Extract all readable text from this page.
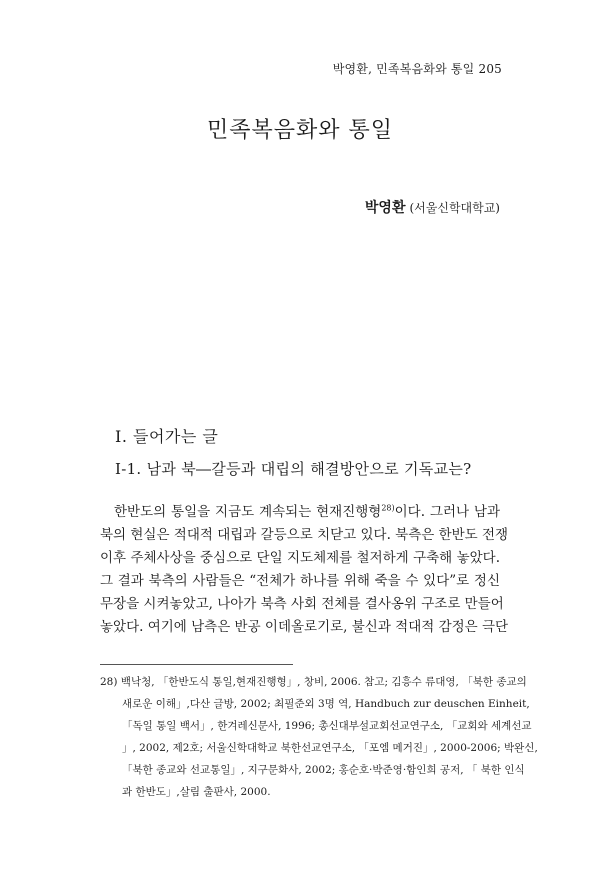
박영환, 민족복음화와 통일 205
민족복음화와 통일
박영환 (서울신학대학교)
I. 들어가는 글
Ⅰ-1. 남과 북―갈등과 대립의 해결방안으로 기독교는?
한반도의 통일을 지금도 계속되는 현재진행형$^{28)}$이다. 그러나 남과
북의 현실은 적대적 대립과 갈등으로 치닫고 있다. 북측은 한반도 전쟁
이후 주체사상을 중심으로 단일 지도체제를 철저하게 구축해 놓았다.
그 결과 북측의 사람들은 “전체가 하나를 위해 죽을 수 있다”로 정신
무장을 시켜놓았고, 나아가 북측 사회 전체를 결사옹위 구조로 만들어
놓았다. 여기에 남측은 반공 이데올로기로, 불신과 적대적 감정은 극단
28) 백낙청, 「한반도식 통일,현재진행형」, 창비, 2006. 참고; 김흥수 류대영, 「북한 종교의
새로운 이해」,다산 글방, 2002; 최필준외 3명 역, Handbuch zur deuschen Einheit,
「독일 통일 백서」, 한겨레신문사, 1996; 총신대부설교회선교연구소, 「교회와 세계선교
」, 2002, 제2호; 서울신학대학교 북한선교연구소, 「포엠 메거진」, 2000-2006; 박완신,
「북한 종교와 선교통일」, 지구문화사, 2002; 홍순호·박준영·함인희 공저, 「 북한 인식
과 한반도」,살림 출판사, 2000.
